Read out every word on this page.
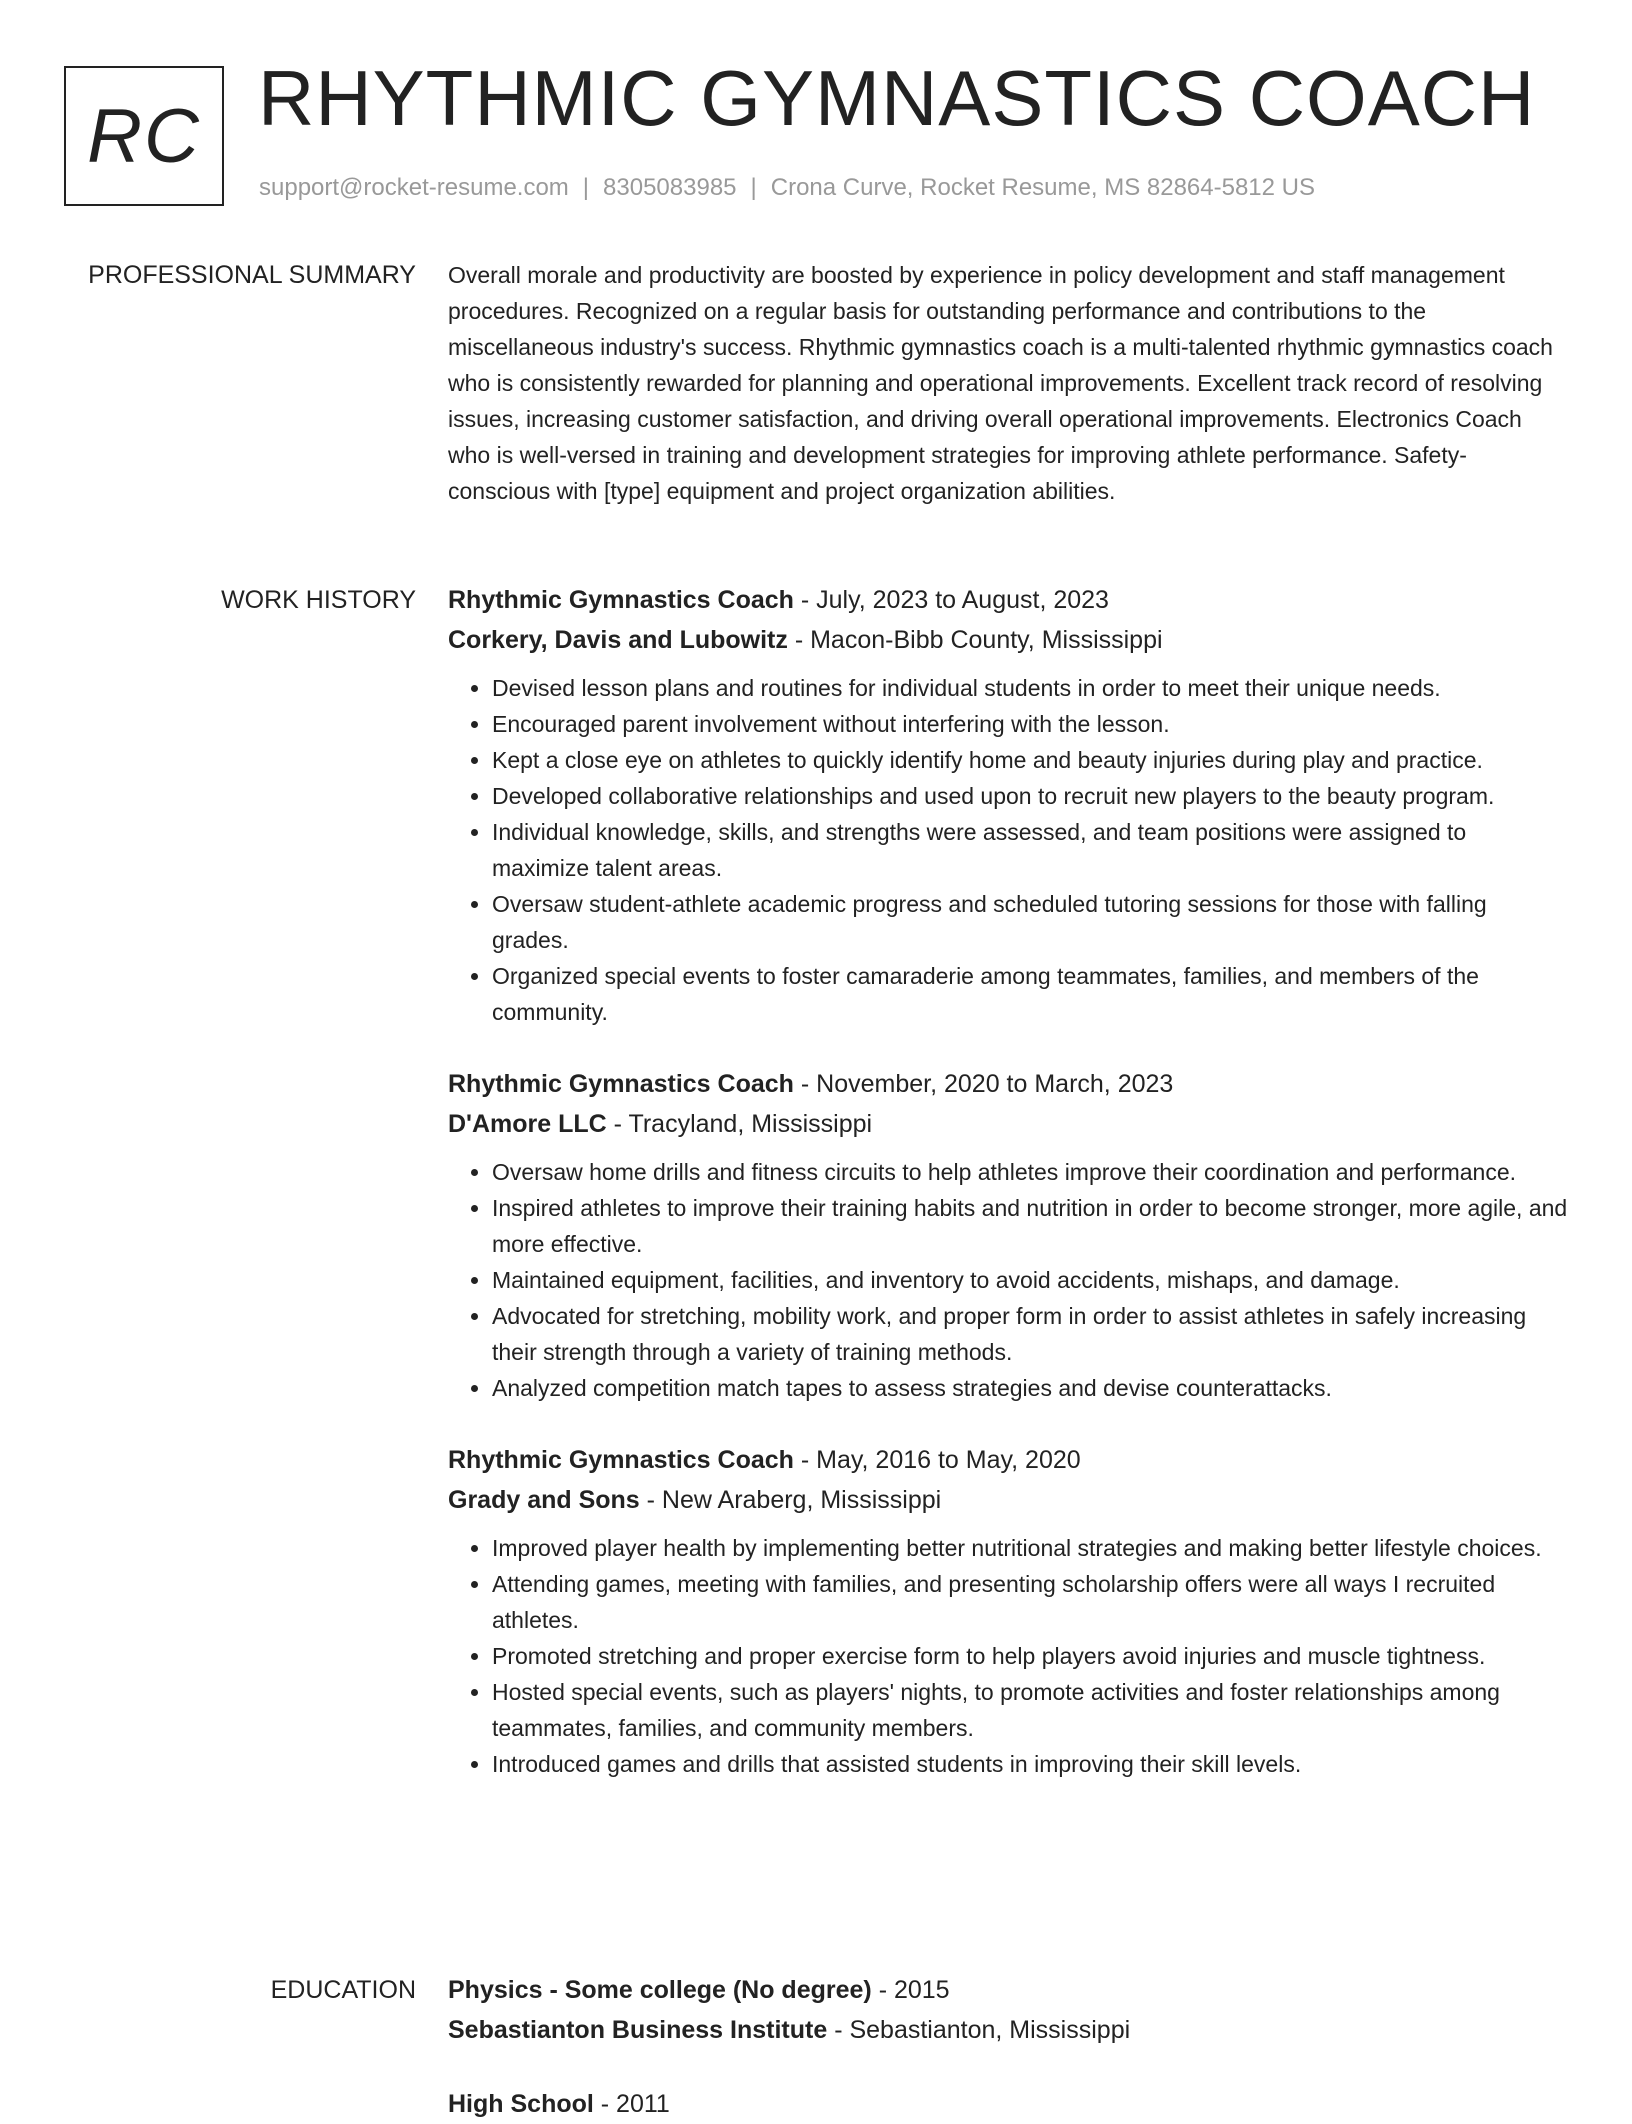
RC RHYTHMIC GYMNASTICS COACH
support@rocket-resume.com | 8305083985 | Crona Curve, Rocket Resume, MS 82864-5812 US
PROFESSIONAL SUMMARY Overall morale and productivity are boosted by experience in policy development and staff management procedures. Recognized on a regular basis for outstanding performance and contributions to the miscellaneous industry's success. Rhythmic gymnastics coach is a multi-talented rhythmic gymnastics coach who is consistently rewarded for planning and operational improvements. Excellent track record of resolving issues, increasing customer satisfaction, and driving overall operational improvements. Electronics Coach who is well-versed in training and development strategies for improving athlete performance. Safety-conscious with [type] equipment and project organization abilities.

WORK HISTORY Rhythmic Gymnastics Coach - July, 2023 to August, 2023
Corkery, Davis and Lubowitz - Macon-Bibb County, Mississippi
• Devised lesson plans and routines for individual students in order to meet their unique needs.
• Encouraged parent involvement without interfering with the lesson.
• Kept a close eye on athletes to quickly identify home and beauty injuries during play and practice.
• Developed collaborative relationships and used upon to recruit new players to the beauty program.
• Individual knowledge, skills, and strengths were assessed, and team positions were assigned to maximize talent areas.
• Oversaw student-athlete academic progress and scheduled tutoring sessions for those with falling grades.
• Organized special events to foster camaraderie among teammates, families, and members of the community.
Rhythmic Gymnastics Coach - November, 2020 to March, 2023
D'Amore LLC - Tracyland, Mississippi
• Oversaw home drills and fitness circuits to help athletes improve their coordination and performance.
• Inspired athletes to improve their training habits and nutrition in order to become stronger, more agile, and more effective.
• Maintained equipment, facilities, and inventory to avoid accidents, mishaps, and damage.
• Advocated for stretching, mobility work, and proper form in order to assist athletes in safely increasing their strength through a variety of training methods.
• Analyzed competition match tapes to assess strategies and devise counterattacks.
Rhythmic Gymnastics Coach - May, 2016 to May, 2020
Grady and Sons - New Araberg, Mississippi
• Improved player health by implementing better nutritional strategies and making better lifestyle choices.
• Attending games, meeting with families, and presenting scholarship offers were all ways I recruited athletes.
• Promoted stretching and proper exercise form to help players avoid injuries and muscle tightness.
• Hosted special events, such as players' nights, to promote activities and foster relationships among teammates, families, and community members.
• Introduced games and drills that assisted students in improving their skill levels.
EDUCATION Physics - Some college (No degree) - 2015
Sebastianton Business Institute - Sebastianton, Mississippi
High School - 2011
